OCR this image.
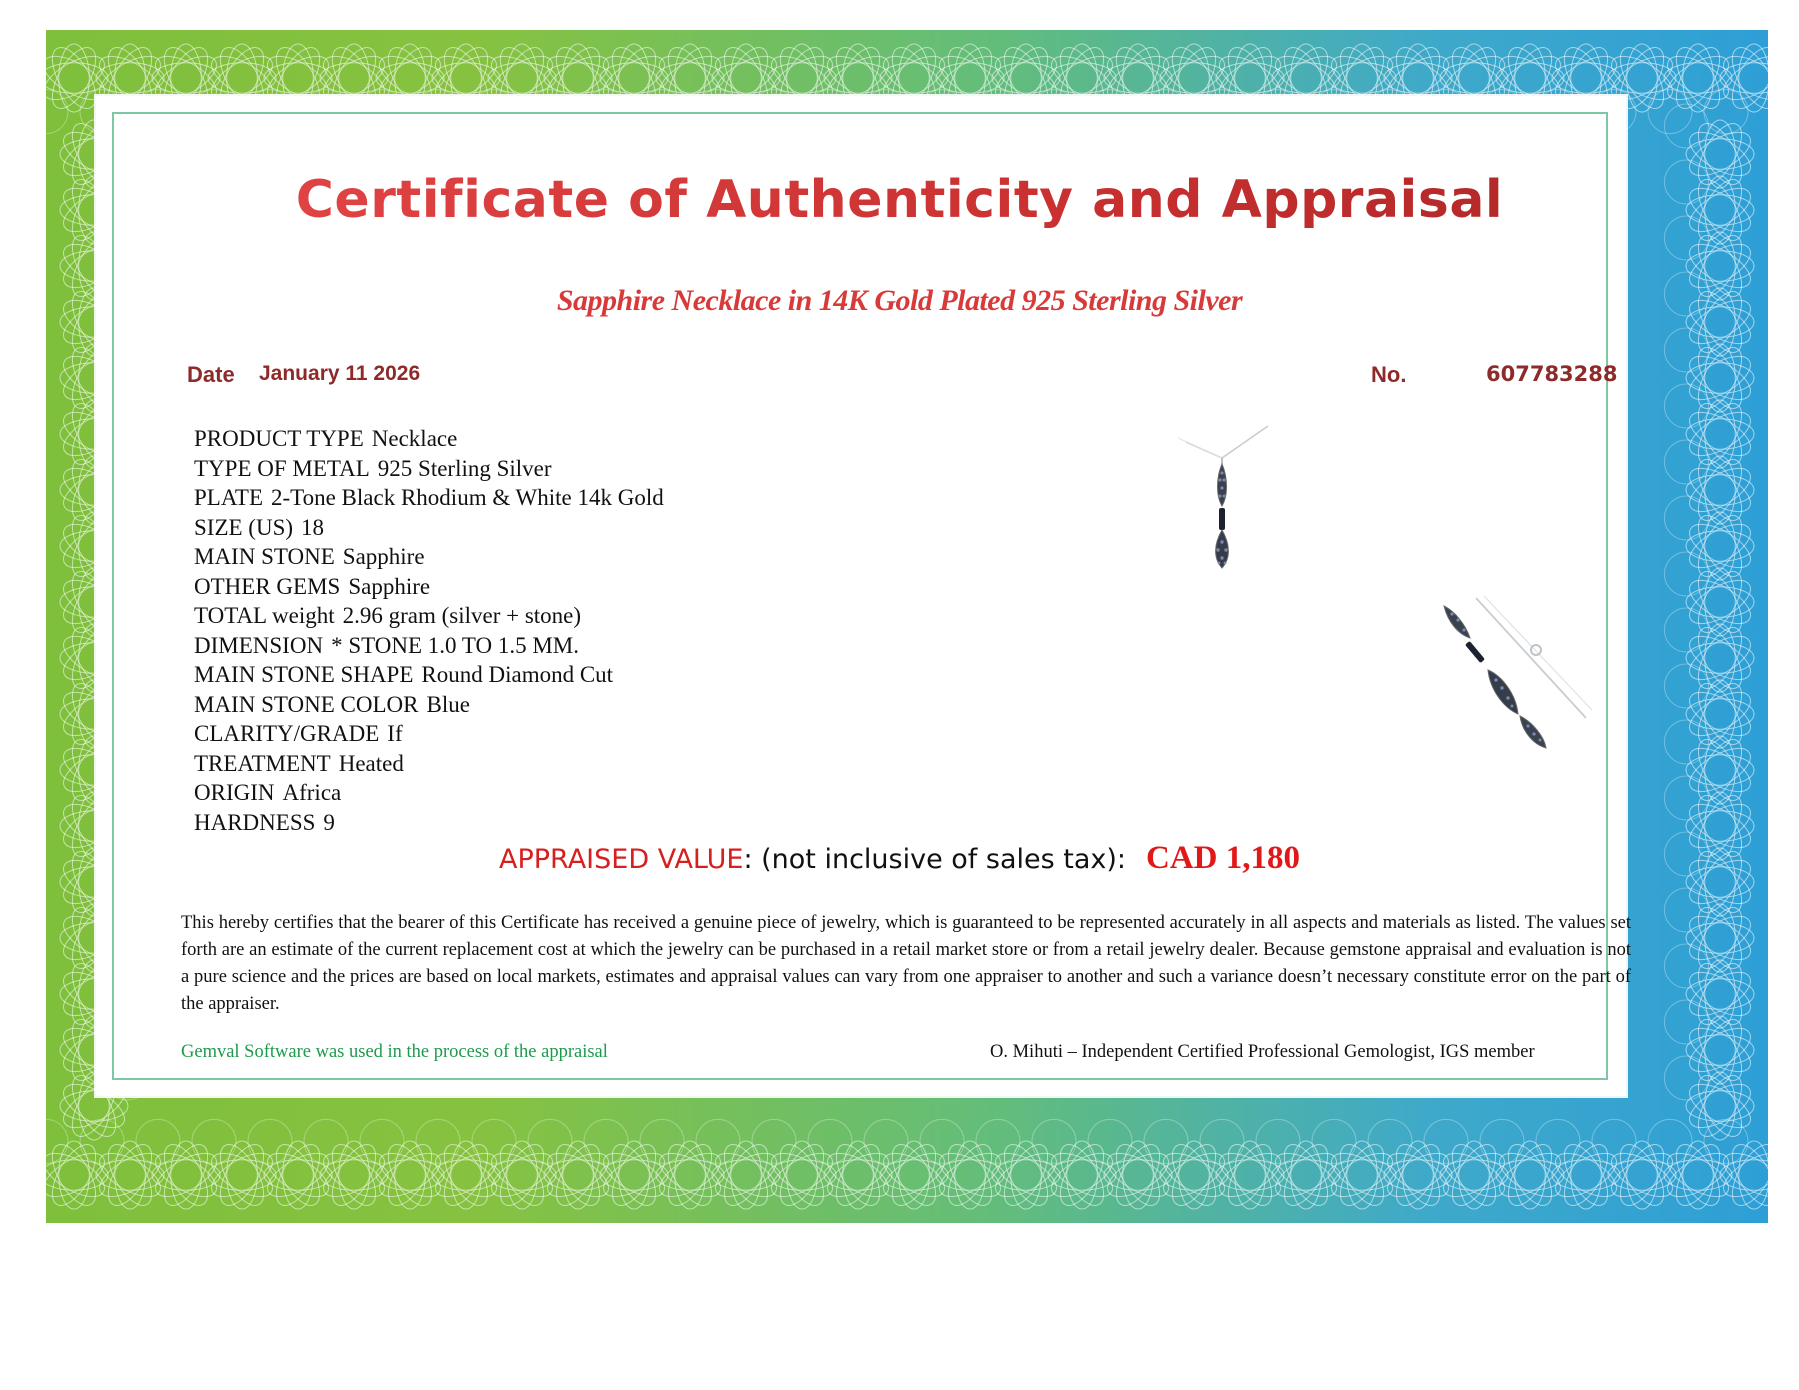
Certificate of Authenticity and Appraisal
Sapphire Necklace in 14K Gold Plated 925 Sterling Silver
Date January 11 2026	No.	607783288
PRODUCT TYPE Necklace
TYPE OF METAL 925 Sterling Silver
PLATE 2-Tone Black Rhodium & White 14k Gold
SIZE (US) 18
MAIN STONE Sapphire
OTHER GEMS Sapphire
TOTAL weight 2.96 gram (silver + stone)
DIMENSION * STONE 1.0 TO 1.5 MM.
MAIN STONE SHAPE Round Diamond Cut
MAIN STONE COLOR Blue
CLARITY/GRADE If
TREATMENT Heated
ORIGIN Africa
HARDNESS 9
APPRAISED VALUE: (not inclusive of sales tax): CAD 1,180
This hereby certifies that the bearer of this Certificate has received a genuine piece of jewelry, which is guaranteed to be represented accurately in all aspects and materials as listed. The values set forth are an estimate of the current replacement cost at which the jewelry can be purchased in a retail market store or from a retail jewelry dealer. Because gemstone appraisal and evaluation is not a pure science and the prices are based on local markets, estimates and appraisal values can vary from one appraiser to another and such a variance doesn’t necessary constitute error on the part of the appraiser.
Gemval Software was used in the process of the appraisal	O. Mihuti – Independent Certified Professional Gemologist, IGS member
